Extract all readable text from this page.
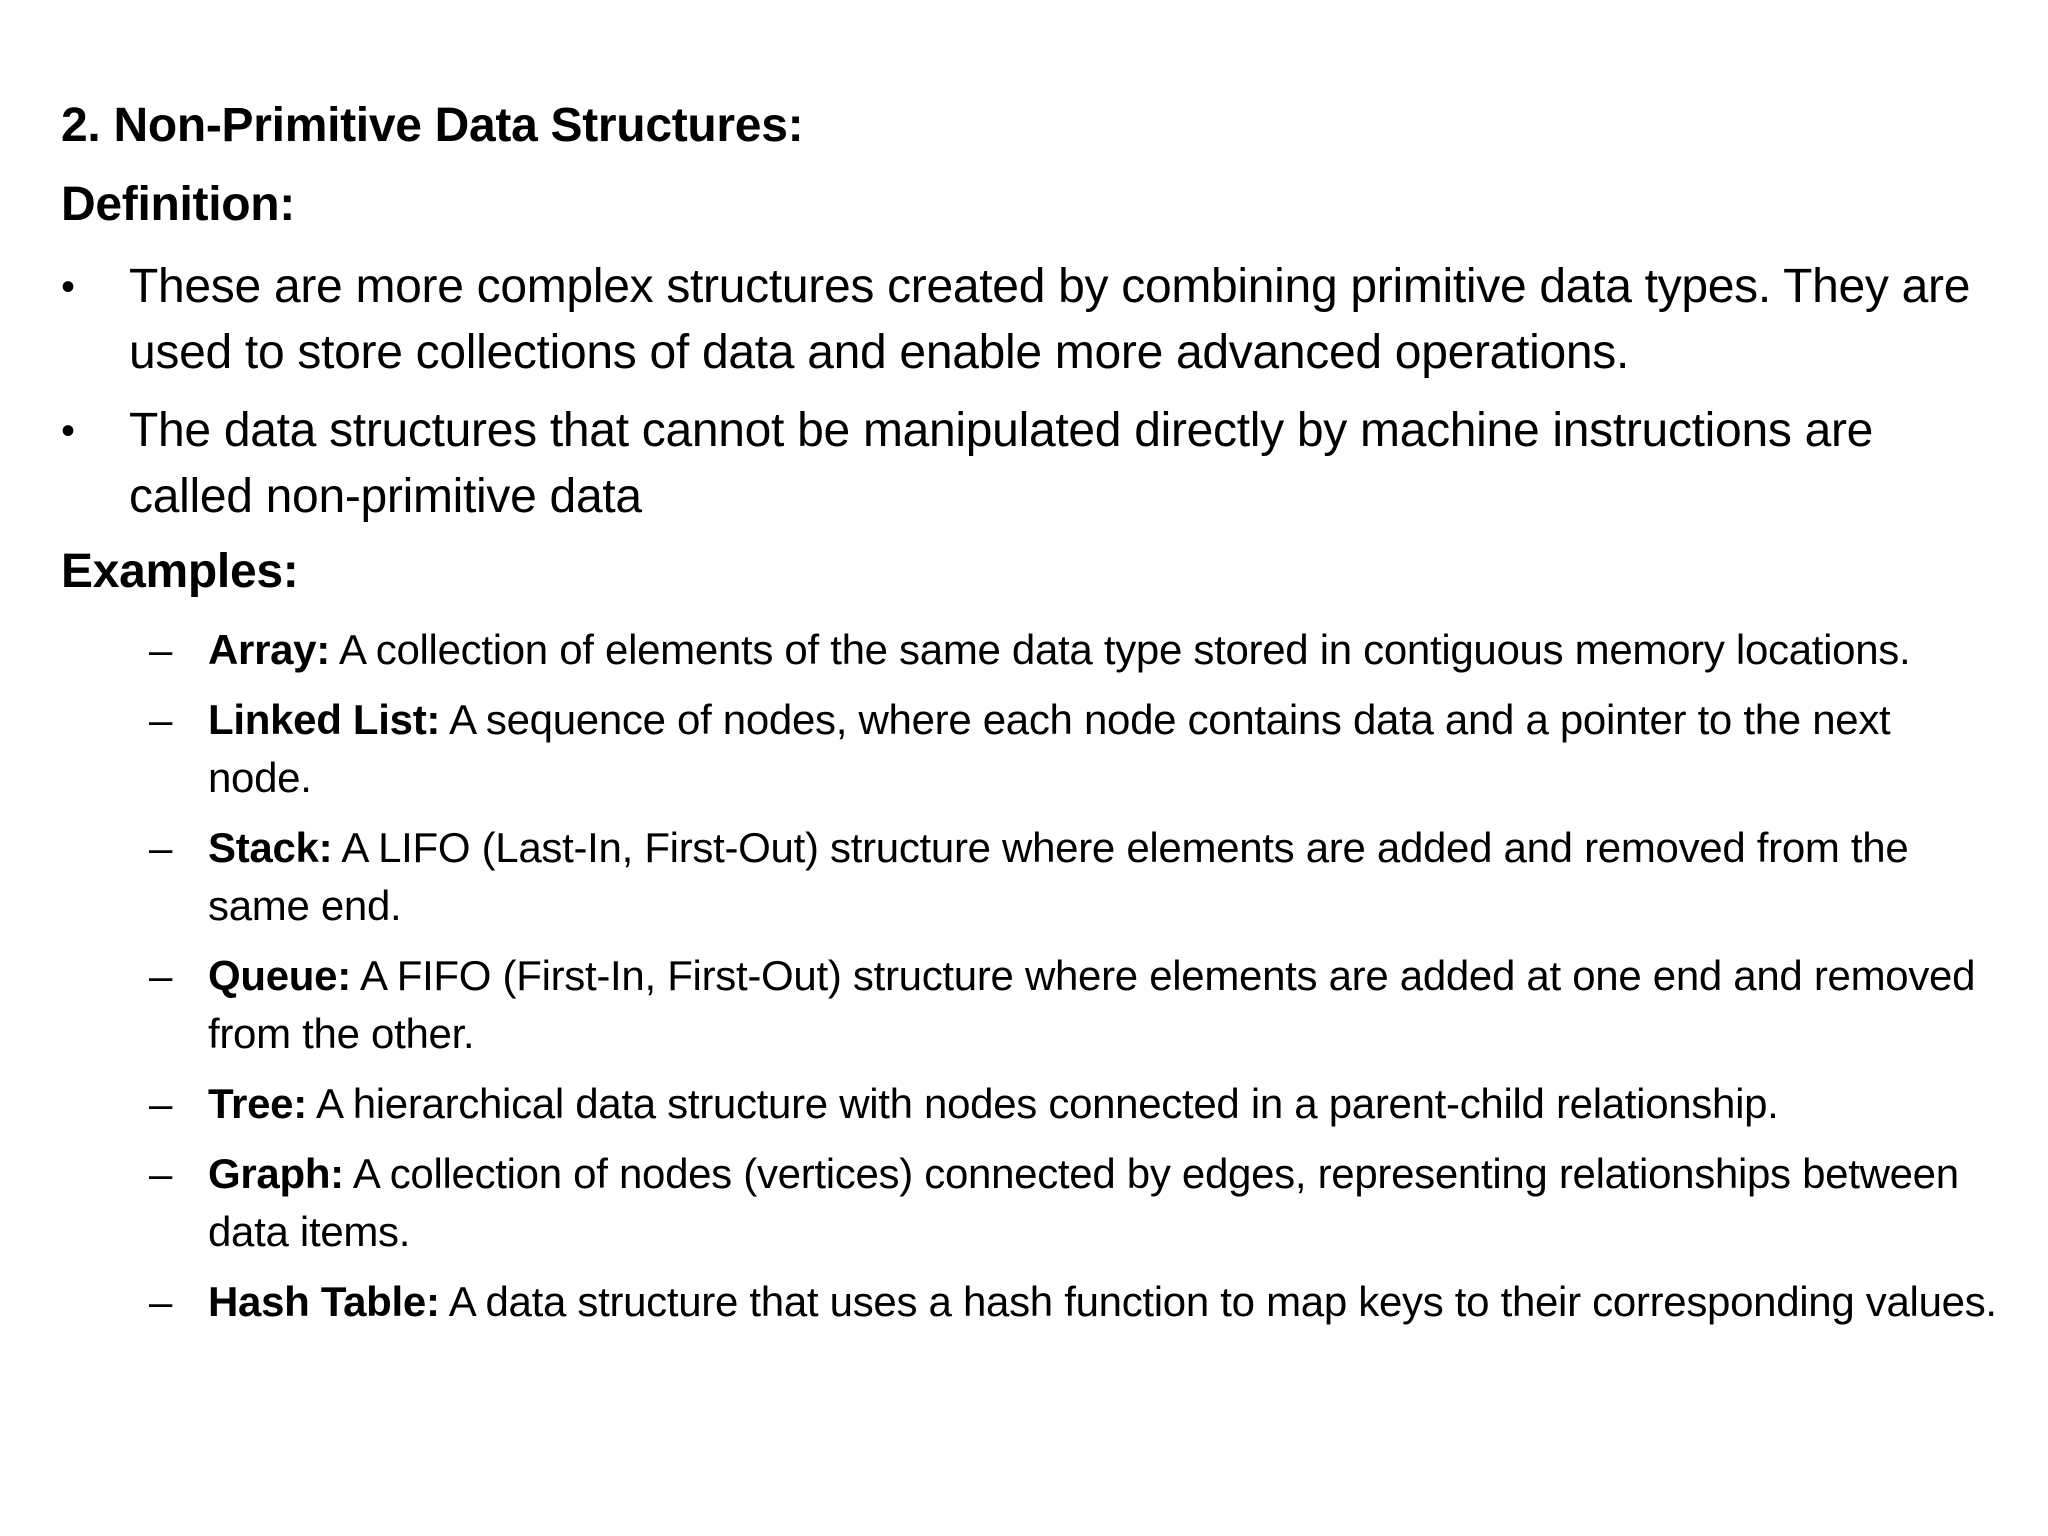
2. Non-Primitive Data Structures:
Definition:
•	These are more complex structures created by combining primitive data types. They are used to store collections of data and enable more advanced operations.
•	The data structures that cannot be manipulated directly by machine instructions are called non-primitive data
Examples:
– Array: A collection of elements of the same data type stored in contiguous memory locations.
– Linked List: A sequence of nodes, where each node contains data and a pointer to the next node.
– Stack: A LIFO (Last-In, First-Out) structure where elements are added and removed from the same end.
– Queue: A FIFO (First-In, First-Out) structure where elements are added at one end and removed from the other.
– Tree: A hierarchical data structure with nodes connected in a parent-child relationship.
– Graph: A collection of nodes (vertices) connected by edges, representing relationships between data items.
– Hash Table: A data structure that uses a hash function to map keys to their corresponding values.
